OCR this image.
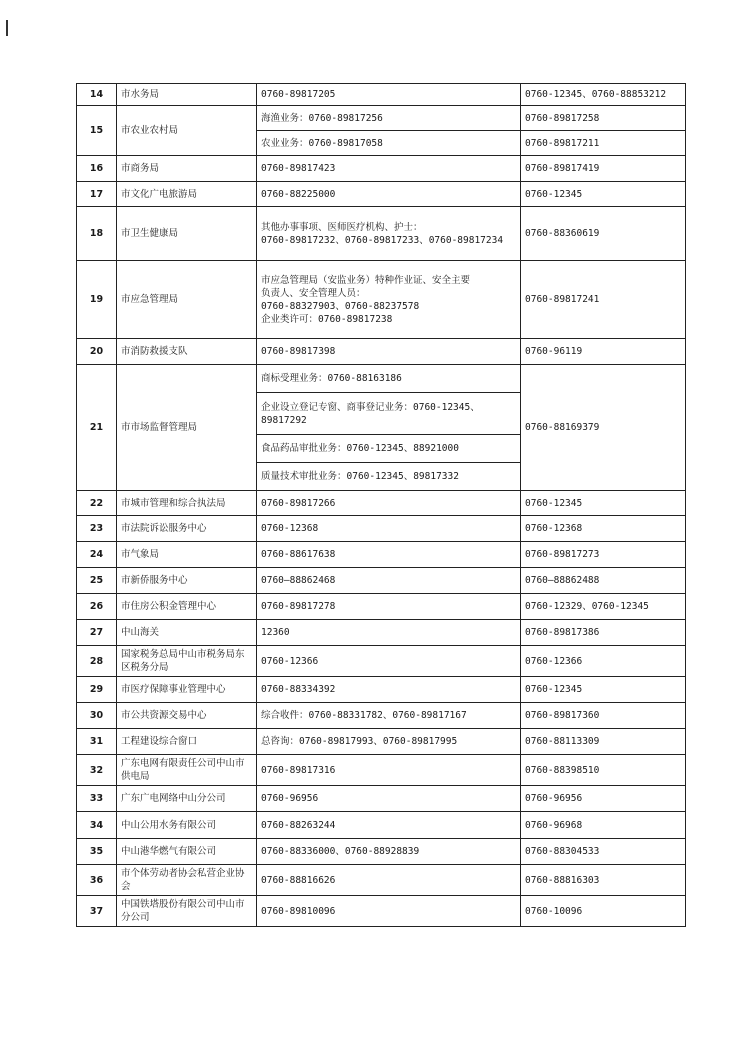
14	市水务局	0760-89817205	0760-12345、0760-88853212
15	市农业农村局	海渔业务：0760-89817256	0760-89817258
		农业业务：0760-89817058	0760-89817211
16	市商务局	0760-89817423	0760-89817419
17	市文化广电旅游局	0760-88225000	0760-12345
18	市卫生健康局	其他办事事项、医师医疗机构、护士：
0760-89817232、0760-89817233、0760-89817234	0760-88360619
19	市应急管理局	市应急管理局（安监业务）特种作业证、安全主要
负责人、安全管理人员：
0760-88327903、0760-88237578
企业类许可：0760-89817238	0760-89817241
20	市消防救援支队	0760-89817398	0760-96119
21	市市场监督管理局	商标受理业务：0760-88163186	0760-88169379
		企业设立登记专窗、商事登记业务：0760-12345、89817292	
		食品药品审批业务：0760-12345、88921000	
		质量技术审批业务：0760-12345、89817332	
22	市城市管理和综合执法局	0760-89817266	0760-12345
23	市法院诉讼服务中心	0760-12368	0760-12368
24	市气象局	0760-88617638	0760-89817273
25	市新侨服务中心	0760—88862468	0760—88862488
26	市住房公积金管理中心	0760-89817278	0760-12329、0760-12345
27	中山海关	12360	0760-89817386
28	国家税务总局中山市税务局东区税务分局	0760-12366	0760-12366
29	市医疗保障事业管理中心	0760-88334392	0760-12345
30	市公共资源交易中心	综合收件：0760-88331782、0760-89817167	0760-89817360
31	工程建设综合窗口	总咨询：0760-89817993、0760-89817995	0760-88113309
32	广东电网有限责任公司中山市供电局	0760-89817316	0760-88398510
33	广东广电网络中山分公司	0760-96956	0760-96956
34	中山公用水务有限公司	0760-88263244	0760-96968
35	中山港华燃气有限公司	0760-88336000、0760-88928839	0760-88304533
36	市个体劳动者协会私营企业协会	0760-88816626	0760-88816303
37	中国铁塔股份有限公司中山市分公司	0760-89810096	0760-10096
